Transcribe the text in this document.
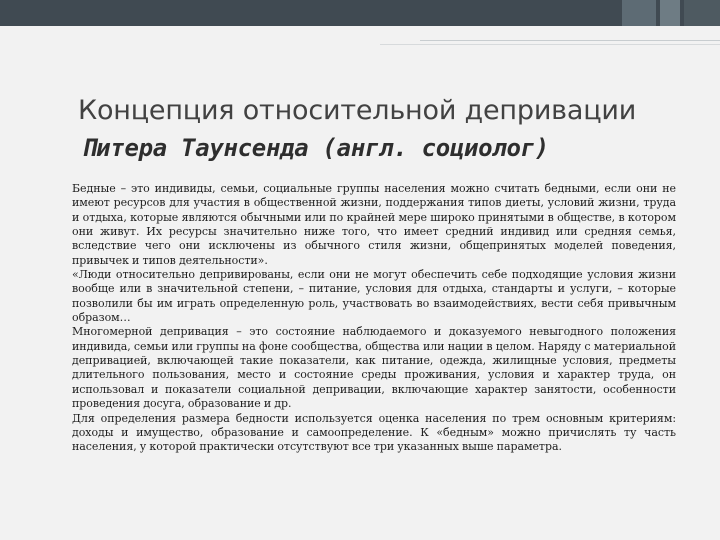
Концепция относительной депривации
Питера Таунсенда (англ. социолог)

Бедные – это индивиды, семьи, социальные группы населения можно считать бедными, если они не имеют ресурсов для участия в общественной жизни, поддержания типов диеты, условий жизни, труда и отдыха, которые являются обычными или по крайней мере широко принятыми в обществе, в котором они живут. Их ресурсы значительно ниже того, что имеет средний индивид или средняя семья, вследствие чего они исключены из обычного стиля жизни, общепринятых моделей поведения, привычек и типов деятельности».

«Люди относительно депривированы, если они не могут обеспечить себе подходящие условия жизни вообще или в значительной степени, – питание, условия для отдыха, стандарты и услуги, – которые позволили бы им играть определенную роль, участвовать во взаимодействиях, вести себя привычным образом…

Многомерной депривация – это состояние наблюдаемого и доказуемого невыгодного положения индивида, семьи или группы на фоне сообщества, общества или нации в целом. Наряду с материальной депривацией, включающей такие показатели, как питание, одежда, жилищные условия, предметы длительного пользования, место и состояние среды проживания, условия и характер труда, он использовал и показатели социальной депривации, включающие характер занятости, особенности проведения досуга, образование и др.

Для определения размера бедности используется оценка населения по трем основным критериям: доходы и имущество, образование и самоопределение. К «бедным» можно причислять ту часть населения, у которой практически отсутствуют все три указанных выше параметра.
